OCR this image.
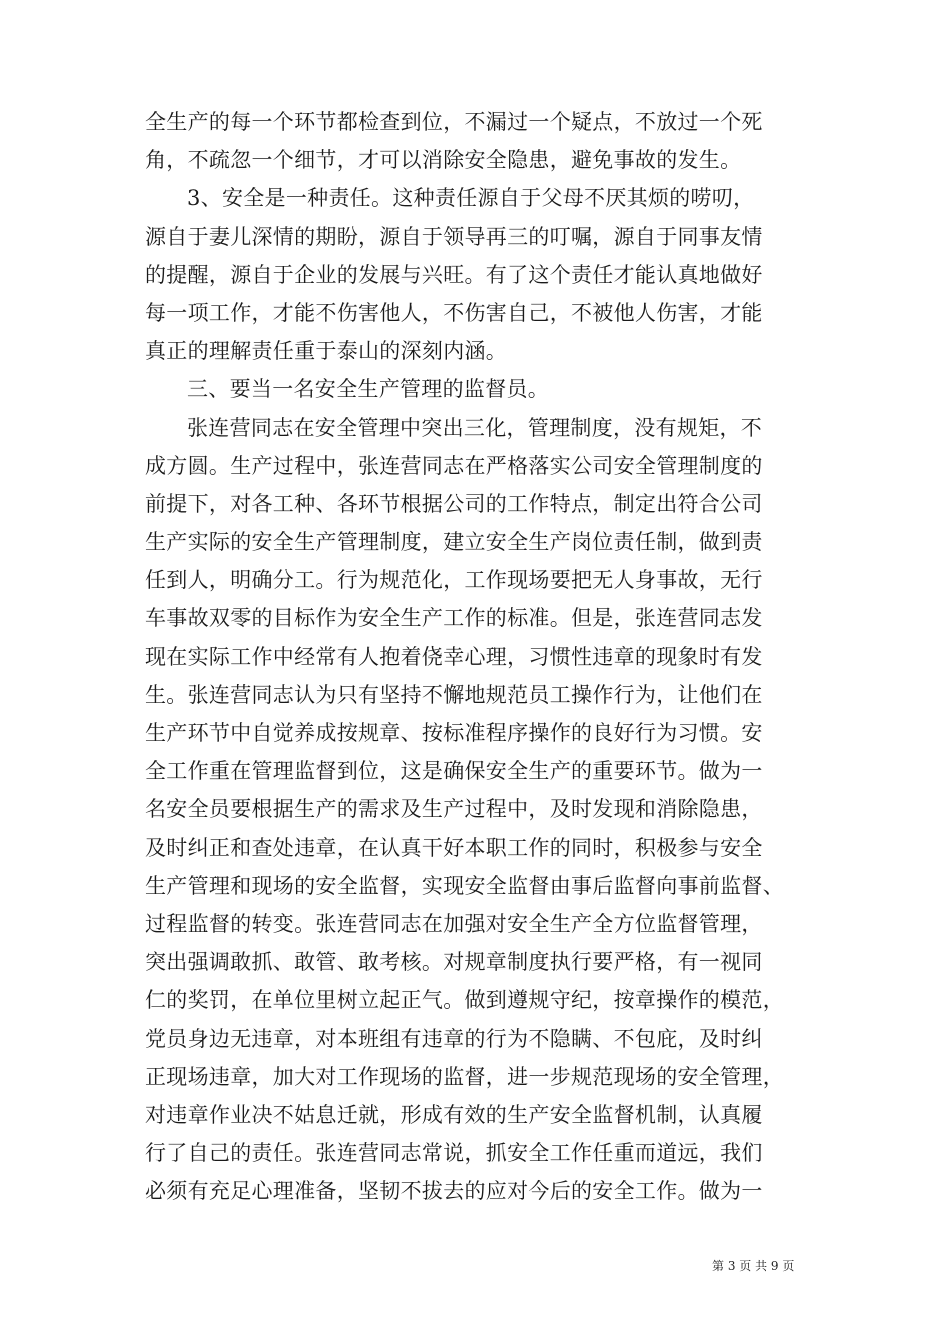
全生产的每一个环节都检查到位，不漏过一个疑点，不放过一个死
角，不疏忽一个细节，才可以消除安全隐患，避免事故的发生。
3、安全是一种责任。这种责任源自于父母不厌其烦的唠叨，
源自于妻儿深情的期盼，源自于领导再三的叮嘱，源自于同事友情
的提醒，源自于企业的发展与兴旺。有了这个责任才能认真地做好
每一项工作，才能不伤害他人，不伤害自己，不被他人伤害，才能
真正的理解责任重于泰山的深刻内涵。
三、要当一名安全生产管理的监督员。
张连营同志在安全管理中突出三化，管理制度，没有规矩，不
成方圆。生产过程中，张连营同志在严格落实公司安全管理制度的
前提下，对各工种、各环节根据公司的工作特点，制定出符合公司
生产实际的安全生产管理制度，建立安全生产岗位责任制，做到责
任到人，明确分工。行为规范化，工作现场要把无人身事故，无行
车事故双零的目标作为安全生产工作的标准。但是，张连营同志发
现在实际工作中经常有人抱着侥幸心理，习惯性违章的现象时有发
生。张连营同志认为只有坚持不懈地规范员工操作行为，让他们在
生产环节中自觉养成按规章、按标准程序操作的良好行为习惯。安
全工作重在管理监督到位，这是确保安全生产的重要环节。做为一
名安全员要根据生产的需求及生产过程中，及时发现和消除隐患，
及时纠正和查处违章，在认真干好本职工作的同时，积极参与安全
生产管理和现场的安全监督，实现安全监督由事后监督向事前监督、
过程监督的转变。张连营同志在加强对安全生产全方位监督管理，
突出强调敢抓、敢管、敢考核。对规章制度执行要严格，有一视同
仁的奖罚，在单位里树立起正气。做到遵规守纪，按章操作的模范，
党员身边无违章，对本班组有违章的行为不隐瞒、不包庇，及时纠
正现场违章，加大对工作现场的监督，进一步规范现场的安全管理，
对违章作业决不姑息迁就，形成有效的生产安全监督机制，认真履
行了自己的责任。张连营同志常说，抓安全工作任重而道远，我们
必须有充足心理准备，坚韧不拔去的应对今后的安全工作。做为一
第 3 页 共 9 页
